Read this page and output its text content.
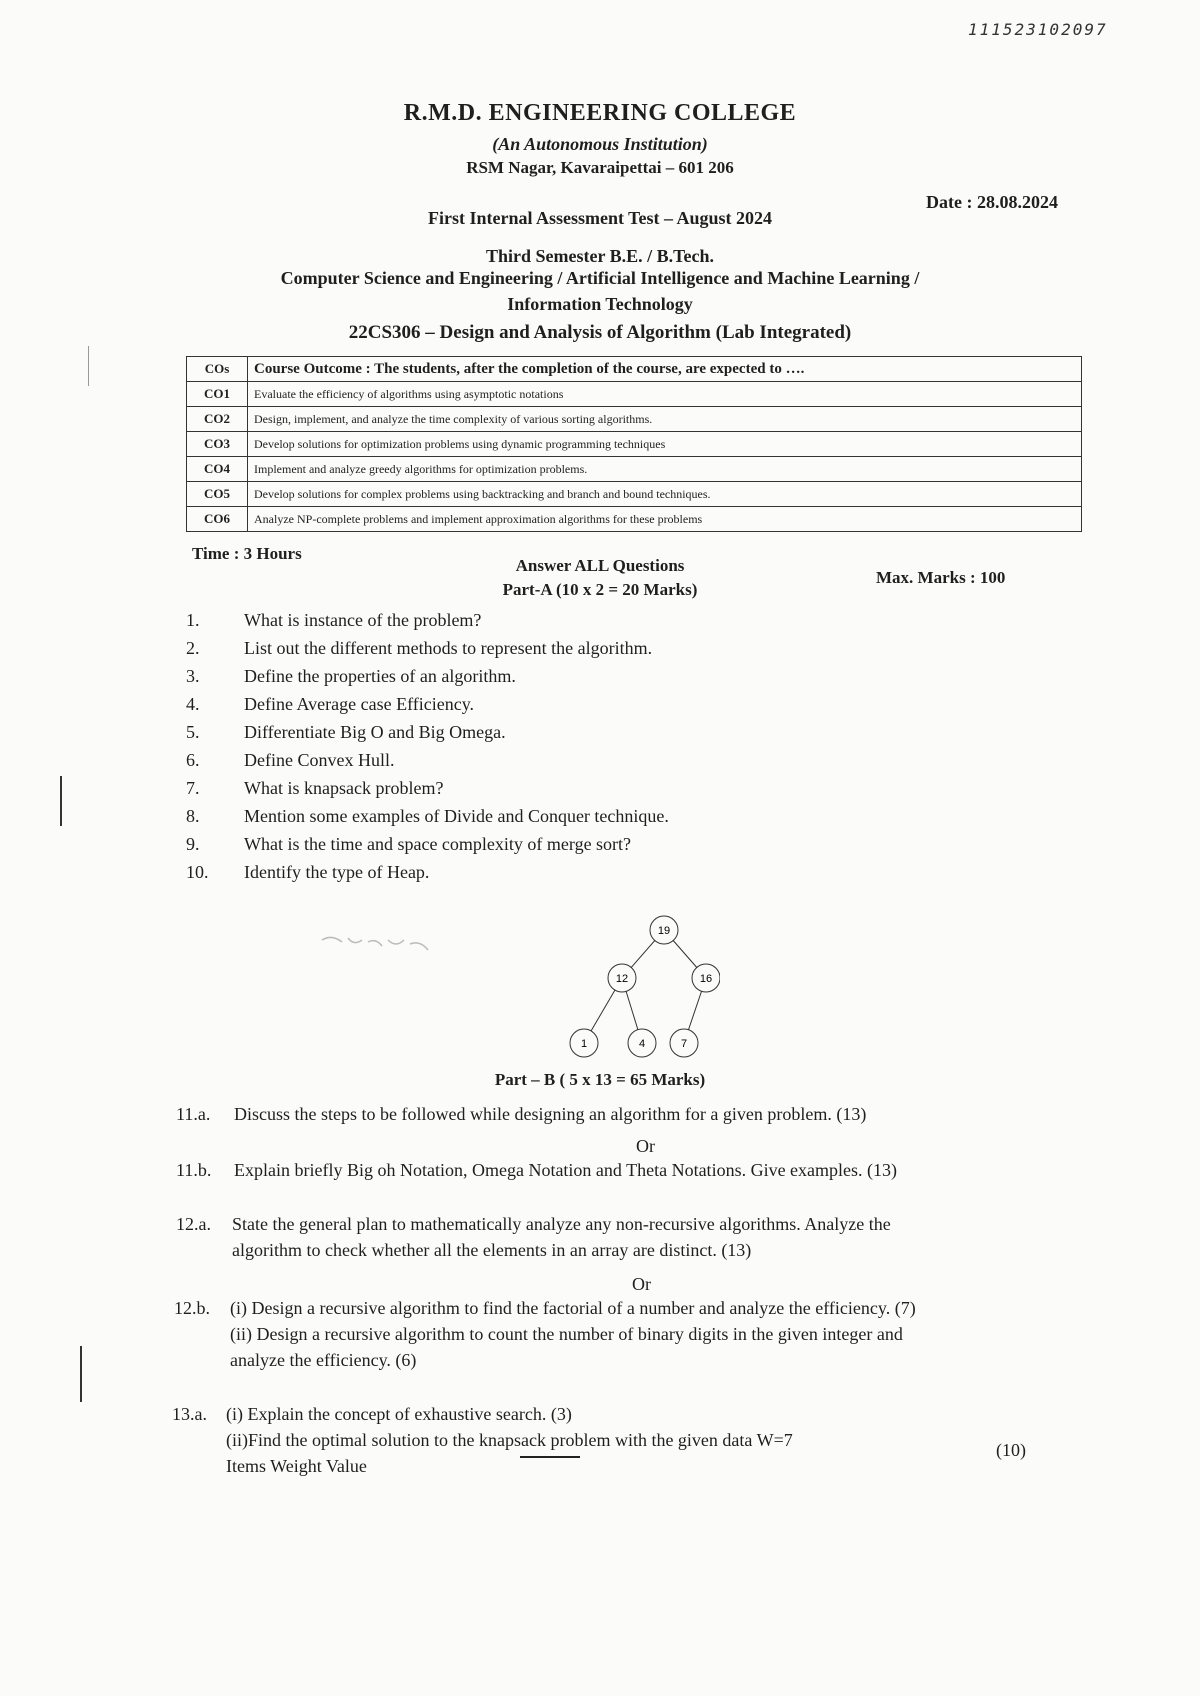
111523102097
R.M.D. ENGINEERING COLLEGE
(An Autonomous Institution)
RSM Nagar, Kavaraipettai – 601 206
Date : 28.08.2024
First Internal Assessment Test – August 2024
Third Semester B.E. / B.Tech.
Computer Science and Engineering / Artificial Intelligence and Machine Learning /
Information Technology
22CS306 – Design and Analysis of Algorithm (Lab Integrated)
COs	Course Outcome : The students, after the completion of the course, are expected to ….
CO1	Evaluate the efficiency of algorithms using asymptotic notations
CO2	Design, implement, and analyze the time complexity of various sorting algorithms.
CO3	Develop solutions for optimization problems using dynamic programming techniques
CO4	Implement and analyze greedy algorithms for optimization problems.
CO5	Develop solutions for complex problems using backtracking and branch and bound techniques.
CO6	Analyze NP-complete problems and implement approximation algorithms for these problems
Time : 3 Hours
Answer ALL Questions
Max. Marks : 100
Part-A (10 x 2 = 20 Marks)
1. What is instance of the problem?
2. List out the different methods to represent the algorithm.
3. Define the properties of an algorithm.
4. Define Average case Efficiency.
5. Differentiate Big O and Big Omega.
6. Define Convex Hull.
7. What is knapsack problem?
8. Mention some examples of Divide and Conquer technique.
9. What is the time and space complexity of merge sort?
10. Identify the type of Heap.
19
12	16
1	4	7
Part – B ( 5 x 13 = 65 Marks)
11.a. Discuss the steps to be followed while designing an algorithm for a given problem. (13)
Or
11.b. Explain briefly Big oh Notation, Omega Notation and Theta Notations. Give examples. (13)
12.a. State the general plan to mathematically analyze any non-recursive algorithms. Analyze the
algorithm to check whether all the elements in an array are distinct. (13)
Or
12.b. (i) Design a recursive algorithm to find the factorial of a number and analyze the efficiency. (7)
(ii) Design a recursive algorithm to count the number of binary digits in the given integer and
analyze the efficiency. (6)
13.a. (i) Explain the concept of exhaustive search. (3)
(ii)Find the optimal solution to the knapsack problem with the given data W=7	(10)
Items Weight Value
